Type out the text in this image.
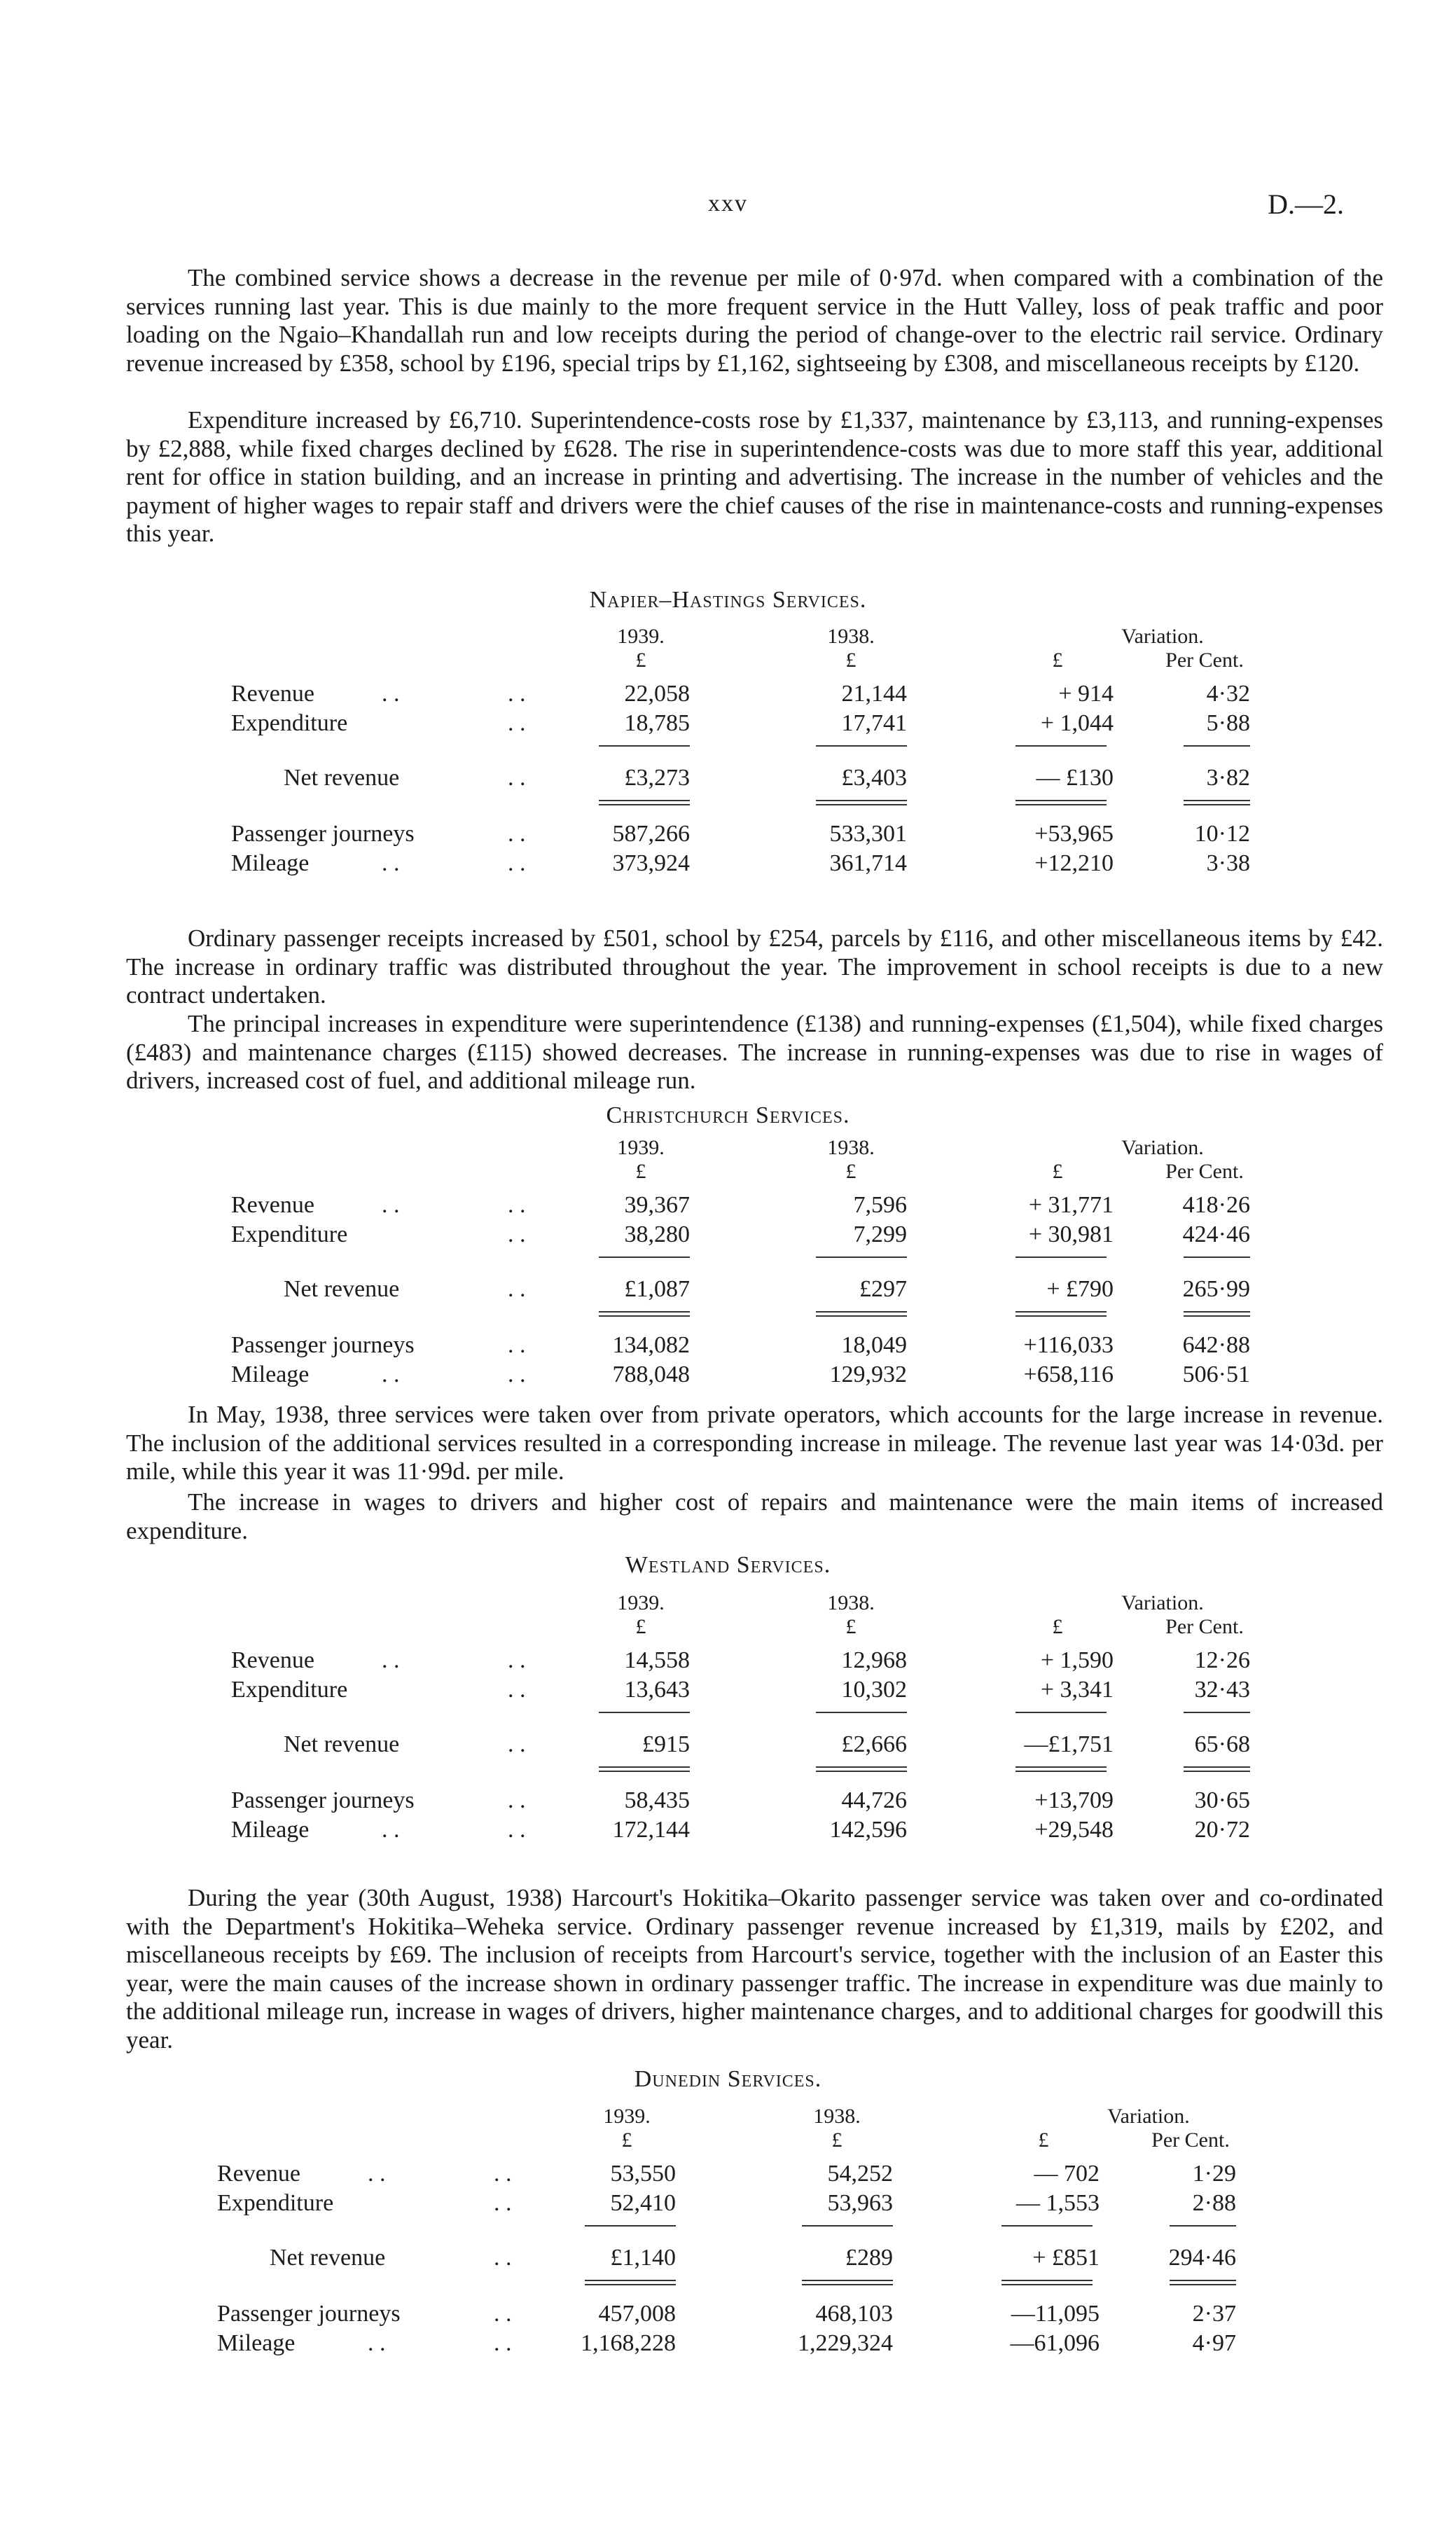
xxv	D.—2.

The combined service shows a decrease in the revenue per mile of 0·97d. when compared with a combination of the services running last year. This is due mainly to the more frequent service in the Hutt Valley, loss of peak traffic and poor loading on the Ngaio–Khandallah run and low receipts during the period of change-over to the electric rail service. Ordinary revenue increased by £358, school by £196, special trips by £1,162, sightseeing by £308, and miscellaneous receipts by £120.

Expenditure increased by £6,710. Superintendence-costs rose by £1,337, maintenance by £3,113, and running-expenses by £2,888, while fixed charges declined by £628. The rise in superintendence-costs was due to more staff this year, additional rent for office in station building, and an increase in printing and advertising. The increase in the number of vehicles and the payment of higher wages to repair staff and drivers were the chief causes of the rise in maintenance-costs and running-expenses this year.

Napier–Hastings Services.
1939.	1938.	Variation.
£	£	£	Per Cent.
Revenue	. .	. .	22,058	21,144	+ 914	4·32
Expenditure	. .	18,785	17,741	+ 1,044	5·88
Net revenue	. .	£3,273	£3,403	— £130	3·82
Passenger journeys	. .	587,266	533,301	+53,965	10·12
Mileage	. .	. .	373,924	361,714	+12,210	3·38

Ordinary passenger receipts increased by £501, school by £254, parcels by £116, and other miscellaneous items by £42. The increase in ordinary traffic was distributed throughout the year. The improvement in school receipts is due to a new contract undertaken.

The principal increases in expenditure were superintendence (£138) and running-expenses (£1,504), while fixed charges (£483) and maintenance charges (£115) showed decreases. The increase in running-expenses was due to rise in wages of drivers, increased cost of fuel, and additional mileage run.

Christchurch Services.
1939.	1938.	Variation.
£	£	£	Per Cent.
Revenue	. .	. .	39,367	7,596	+ 31,771	418·26
Expenditure	. .	38,280	7,299	+ 30,981	424·46
Net revenue	. .	£1,087	£297	+ £790	265·99
Passenger journeys	. .	134,082	18,049	+116,033	642·88
Mileage	. .	. .	788,048	129,932	+658,116	506·51

In May, 1938, three services were taken over from private operators, which accounts for the large increase in revenue. The inclusion of the additional services resulted in a corresponding increase in mileage. The revenue last year was 14·03d. per mile, while this year it was 11·99d. per mile.

The increase in wages to drivers and higher cost of repairs and maintenance were the main items of increased expenditure.

Westland Services.
1939.	1938.	Variation.
£	£	£	Per Cent.
Revenue	. .	. .	14,558	12,968	+ 1,590	12·26
Expenditure	. .	13,643	10,302	+ 3,341	32·43
Net revenue	. .	£915	£2,666	—£1,751	65·68
Passenger journeys	. .	58,435	44,726	+13,709	30·65
Mileage	. .	. .	172,144	142,596	+29,548	20·72

During the year (30th August, 1938) Harcourt's Hokitika–Okarito passenger service was taken over and co-ordinated with the Department's Hokitika–Weheka service. Ordinary passenger revenue increased by £1,319, mails by £202, and miscellaneous receipts by £69. The inclusion of receipts from Harcourt's service, together with the inclusion of an Easter this year, were the main causes of the increase shown in ordinary passenger traffic. The increase in expenditure was due mainly to the additional mileage run, increase in wages of drivers, higher maintenance charges, and to additional charges for goodwill this year.

Dunedin Services.
1939.	1938.	Variation.
£	£	£	Per Cent.
Revenue	. .	. .	53,550	54,252	— 702	1·29
Expenditure	. .	52,410	53,963	— 1,553	2·88
Net revenue	. .	£1,140	£289	+ £851	294·46
Passenger journeys	. .	457,008	468,103	—11,095	2·37
Mileage	. .	. .	1,168,228	1,229,324	—61,096	4·97
